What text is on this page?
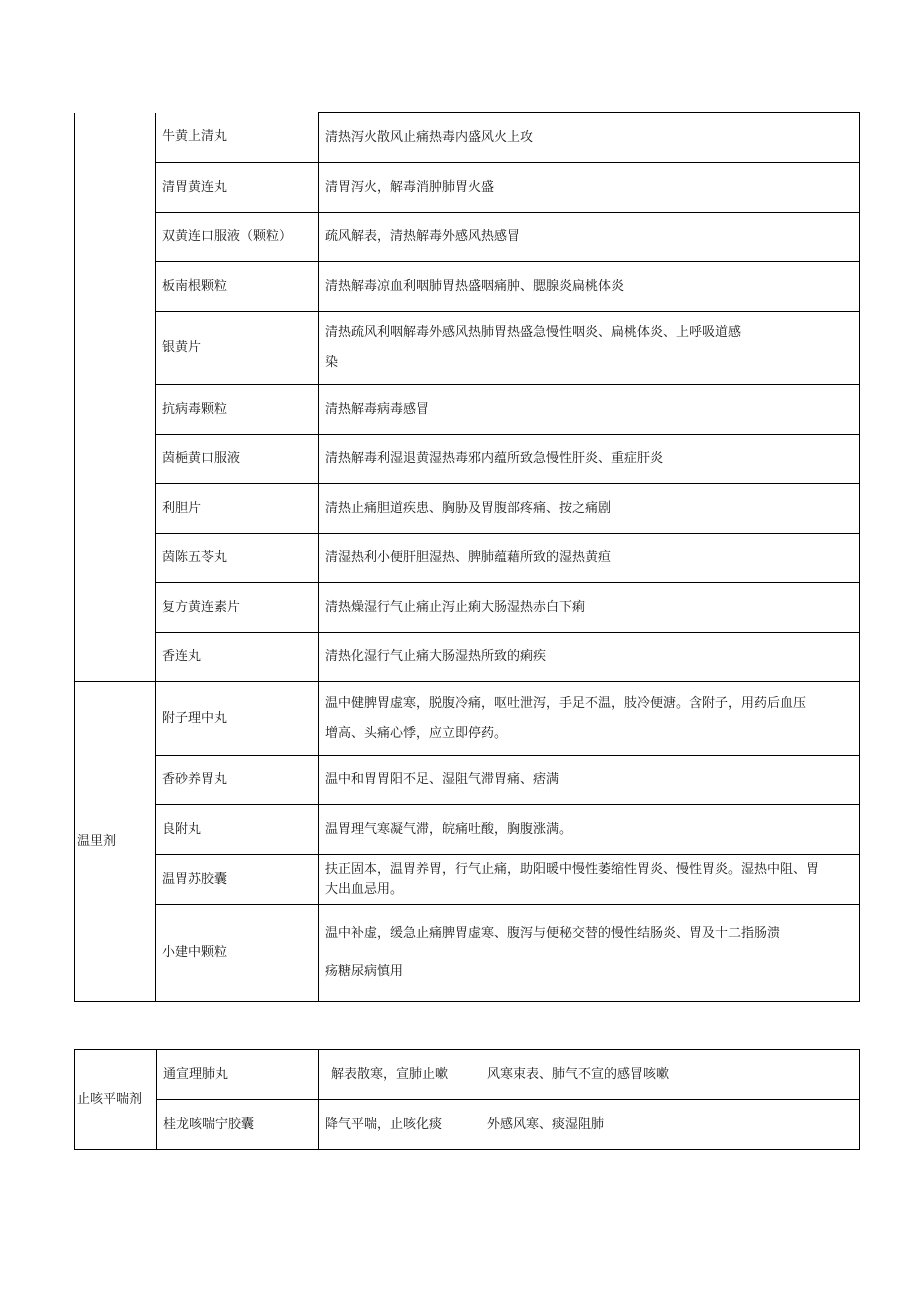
	牛黄上清丸	清热泻火散风止痛热毒内盛风火上攻
	清胃黄连丸	清胃泻火，解毒消肿肺胃火盛
	双黄连口服液（颗粒）	疏风解表，清热解毒外感风热感冒
	板南根颗粒	清热解毒凉血利咽肺胃热盛咽痛肿、腮腺炎扁桃体炎
	银黄片	清热疏风利咽解毒外感风热肺胃热盛急慢性咽炎、扁桃体炎、上呼吸道感
染
	抗病毒颗粒	清热解毒病毒感冒
	茵梔黄口服液	清热解毒利湿退黄湿热毒邪内蕴所致急慢性肝炎、重症肝炎
	利胆片	清热止痛胆道疾患、胸胁及胃腹部疼痛、按之痛剧
	茵陈五苓丸	清湿热利小便肝胆湿热、脾肺蕴藉所致的湿热黄疸
	复方黄连素片	清热燥湿行气止痛止泻止痢大肠湿热赤白下痢
	香连丸	清热化湿行气止痛大肠湿热所致的痢疾
温里剂	附子理中丸	温中健脾胃虚寒，脱腹冷痛，呕吐泄泻，手足不温，肢冷便溏。含附子，用药后血压
增高、头痛心悸，应立即停药。
	香砂养胃丸	温中和胃胃阳不足、湿阻气滞胃痛、痞满
	良附丸	温胃理气寒凝气滞，皖痛吐酸，胸腹涨满。
	温胃苏胶囊	扶正固本，温胃养胃，行气止痛，助阳暖中慢性萎缩性胃炎、慢性胃炎。湿热中阻、胃
大出血忌用。
	小建中颗粒	温中补虚，缓急止痛脾胃虚寒、腹泻与便秘交替的慢性结肠炎、胃及十二指肠溃
疡糖尿病慎用
止咳平喘剂	通宣理肺丸	解表散寒，宣肺止嗽 风寒束表、肺气不宣的感冒咳嗽
	桂龙咳喘宁胶囊	降气平喘，止咳化痰 外感风寒、痰湿阻肺
